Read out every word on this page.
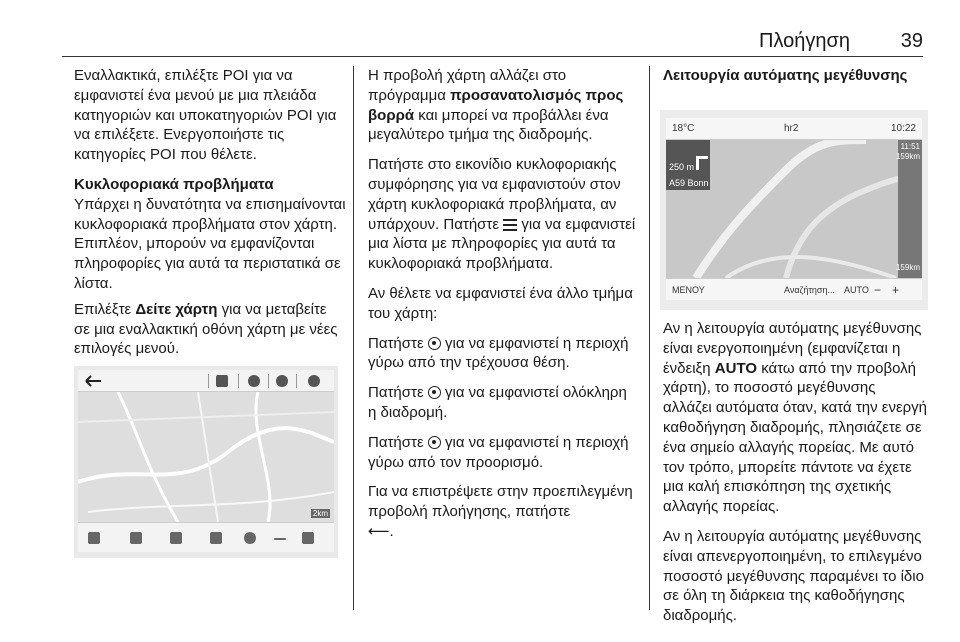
Πλοήγηση	39

Εναλλακτικά, επιλέξτε POI για να εμφανιστεί ένα μενού με μια πλειάδα κατηγοριών και υποκατηγοριών POI για να επιλέξετε. Ενεργοποιήστε τις κατηγορίες POI που θέλετε.

Κυκλοφοριακά προβλήματα

Υπάρχει η δυνατότητα να επισημαίνονται κυκλοφοριακά προβλήματα στον χάρτη. Επιπλέον, μπορούν να εμφανίζονται πληροφορίες για αυτά τα περιστατικά σε λίστα.

Επιλέξτε Δείτε χάρτη για να μεταβείτε σε μια εναλλακτική οθόνη χάρτη με νέες επιλογές μενού.

2km

Η προβολή χάρτη αλλάζει στο πρόγραμμα προσανατολισμός προς βορρά και μπορεί να προβάλλει ένα μεγαλύτερο τμήμα της διαδρομής.

Πατήστε στο εικονίδιο κυκλοφοριακής συμφόρησης για να εμφανιστούν στον χάρτη κυκλοφοριακά προβλήματα, αν υπάρχουν. Πατήστε  για να εμφανιστεί μια λίστα με πληροφορίες για αυτά τα κυκλοφοριακά προβλήματα.

Αν θέλετε να εμφανιστεί ένα άλλο τμήμα του χάρτη:

Πατήστε  για να εμφανιστεί η περιοχή γύρω από την τρέχουσα θέση.

Πατήστε  για να εμφανιστεί ολόκληρη η διαδρομή.

Πατήστε  για να εμφανιστεί η περιοχή γύρω από τον προορισμό.

Για να επιστρέψετε στην προεπιλεγμένη προβολή πλοήγησης, πατήστε
⟵.

Λειτουργία αυτόματης μεγέθυνσης
18°C	hr2	10:22
250 m
A59 Bonn
11:51
159km
159km
ΜΕΝΟΥ	Αναζήτηση... AUTO − +

Αν η λειτουργία αυτόματης μεγέθυνσης είναι ενεργοποιημένη (εμφανίζεται η ένδειξη AUTO κάτω από την προβολή χάρτη), το ποσοστό μεγέθυνσης αλλάζει αυτόματα όταν, κατά την ενεργή καθοδήγηση διαδρομής, πλησιάζετε σε ένα σημείο αλλαγής πορείας. Με αυτό τον τρόπο, μπορείτε πάντοτε να έχετε μια καλή επισκόπηση της σχετικής αλλαγής πορείας.

Αν η λειτουργία αυτόματης μεγέθυνσης είναι απενεργοποιημένη, το επιλεγμένο ποσοστό μεγέθυνσης παραμένει το ίδιο σε όλη τη διάρκεια της καθοδήγησης διαδρομής.
